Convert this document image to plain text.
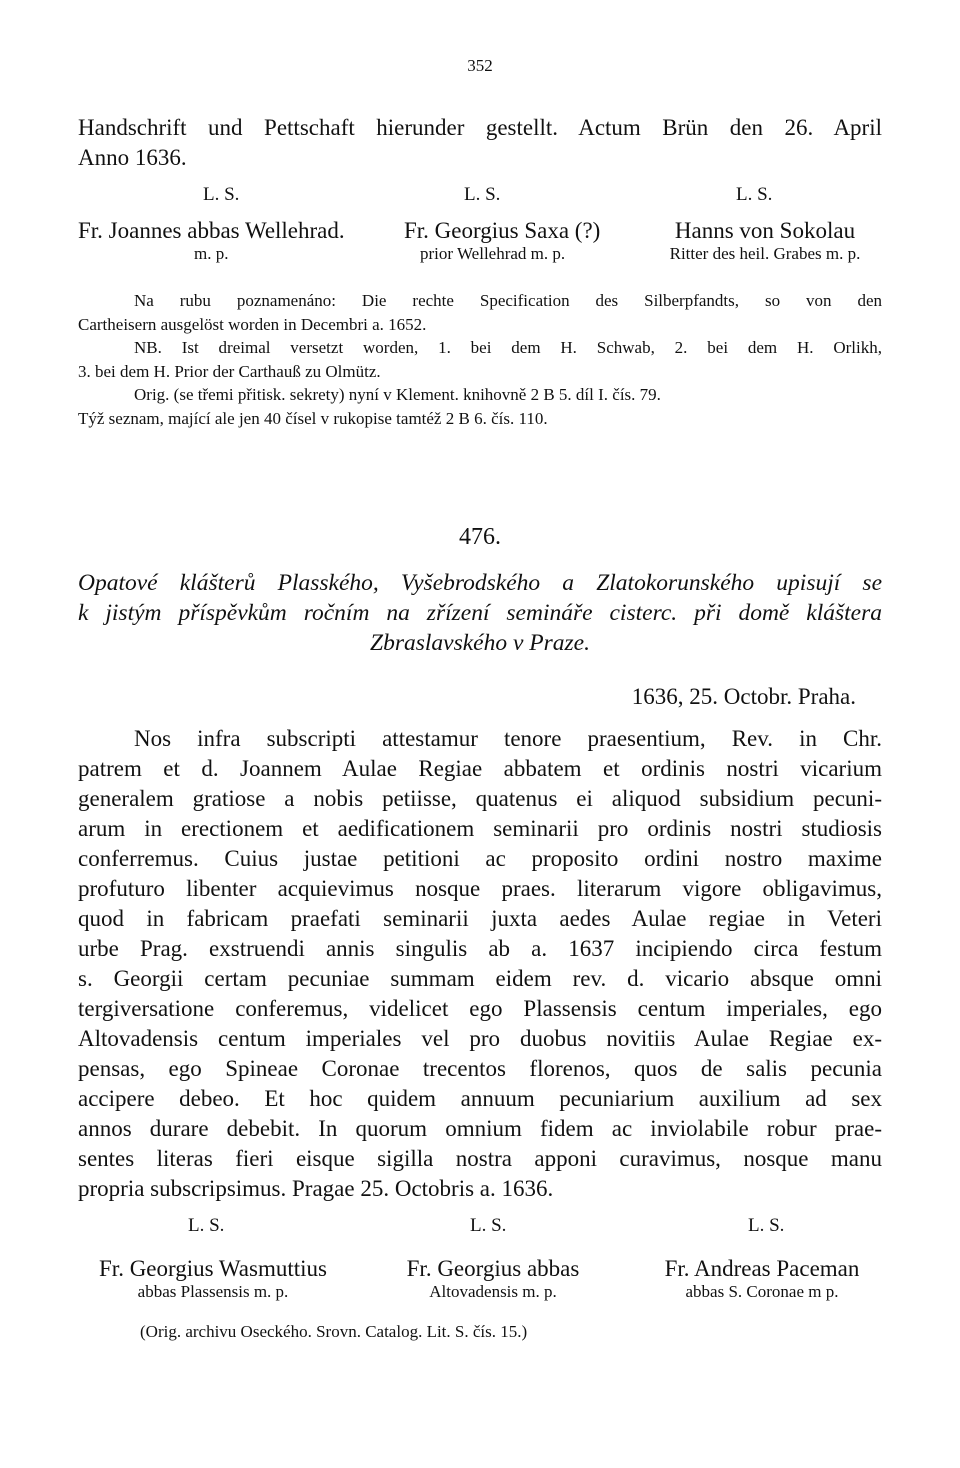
352
Handschrift und Pettschaft hierunder gestellt. Actum Brün den 26. April
Anno 1636.
L. S.	L. S.	L. S.
Fr. Joannes abbas Wellehrad.
m. p.
Fr. Georgius Saxa (?)
prior Wellehrad m. p.
Hanns von Sokolau
Ritter des heil. Grabes m. p.
Na rubu poznamenáno: Die rechte Specification des Silberpfandts, so von den
Cartheisern ausgelöst worden in Decembri a. 1652.
NB. Ist dreimal versetzt worden, 1. bei dem H. Schwab, 2. bei dem H. Orlikh,
3. bei dem H. Prior der Carthauß zu Olmütz.
Orig. (se třemi přitisk. sekrety) nyní v Klement. knihovně 2 B 5. díl I. čís. 79.
Týž seznam, mající ale jen 40 čísel v rukopise tamtéž 2 B 6. čís. 110.
476.
Opatové klášterů Plasského, Vyšebrodského a Zlatokorunského upisují se
k jistým příspěvkům ročním na zřízení semináře cisterc. při domě kláštera
Zbraslavského v Praze.
1636, 25. Octobr. Praha.
Nos infra subscripti attestamur tenore praesentium, Rev. in Chr.
patrem et d. Joannem Aulae Regiae abbatem et ordinis nostri vicarium
generalem gratiose a nobis petiisse, quatenus ei aliquod subsidium pecuni-
arum in erectionem et aedificationem seminarii pro ordinis nostri studiosis
conferremus. Cuius justae petitioni ac proposito ordini nostro maxime
profuturo libenter acquievimus nosque praes. literarum vigore obligavimus,
quod in fabricam praefati seminarii juxta aedes Aulae regiae in Veteri
urbe Prag. exstruendi annis singulis ab a. 1637 incipiendo circa festum
s. Georgii certam pecuniae summam eidem rev. d. vicario absque omni
tergiversatione conferemus, videlicet ego Plassensis centum imperiales, ego
Altovadensis centum imperiales vel pro duobus novitiis Aulae Regiae ex-
pensas, ego Spineae Coronae trecentos florenos, quos de salis pecunia
accipere debeo. Et hoc quidem annuum pecuniarium auxilium ad sex
annos durare debebit. In quorum omnium fidem ac inviolabile robur prae-
sentes literas fieri eisque sigilla nostra apponi curavimus, nosque manu
propria subscripsimus. Pragae 25. Octobris a. 1636.
L. S.	L. S.	L. S.
Fr. Georgius Wasmuttius
abbas Plassensis m. p.
Fr. Georgius abbas
Altovadensis m. p.
Fr. Andreas Paceman
abbas S. Coronae m p.
(Orig. archivu Oseckého. Srovn. Catalog. Lit. S. čís. 15.)
